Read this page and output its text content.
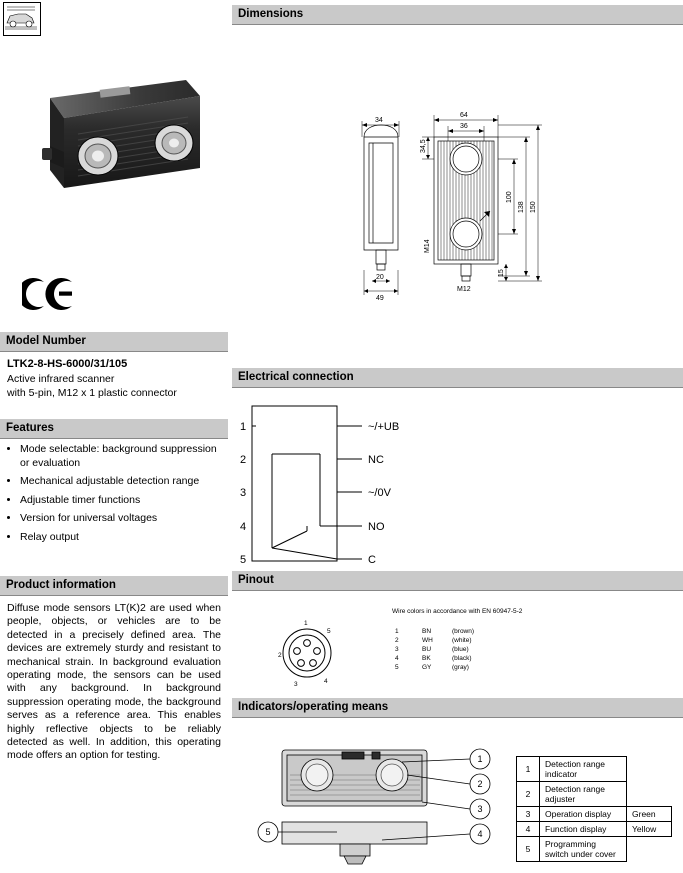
Model Number
LTK2-8-HS-6000/31/105
Active infrared scanner
with 5-pin, M12 x 1 plastic connector
Features
• Mode selectable: background suppression or evaluation
• Mechanical adjustable detection range
• Adjustable timer functions
• Version for universal voltages
• Relay output
Product information
Diffuse mode sensors LT(K)2 are used when people, objects, or vehicles are to be detected in a precisely defined area. The devices are extremely sturdy and resistant to mechanical strain. In background evaluation operating mode, the sensors can be used with any background. In background suppression operating mode, the background serves as a reference area. This enables highly reflective objects to be reliably detected as well. In addition, this operating mode offers an option for testing.
Dimensions
34
20
49
64
36
100
138 150
34,5
15
M14
M12
Electrical connection
1
2
3
4
5
~/+UB
NC
~/0V
NO
C
Pinout
1
5
2
3	4
Wire colors in accordance with EN 60947-5-2
1	BN	(brown)
2	WH	(white)
3	BU	(blue)
4	BK	(black)
5	GY	(gray)
Indicators/operating means
1
2
3
4
5
1	Detection range indicator	
2	Detection range adjuster	
3	Operation display	Green
4	Function display	Yellow
5	Programming switch under cover	
